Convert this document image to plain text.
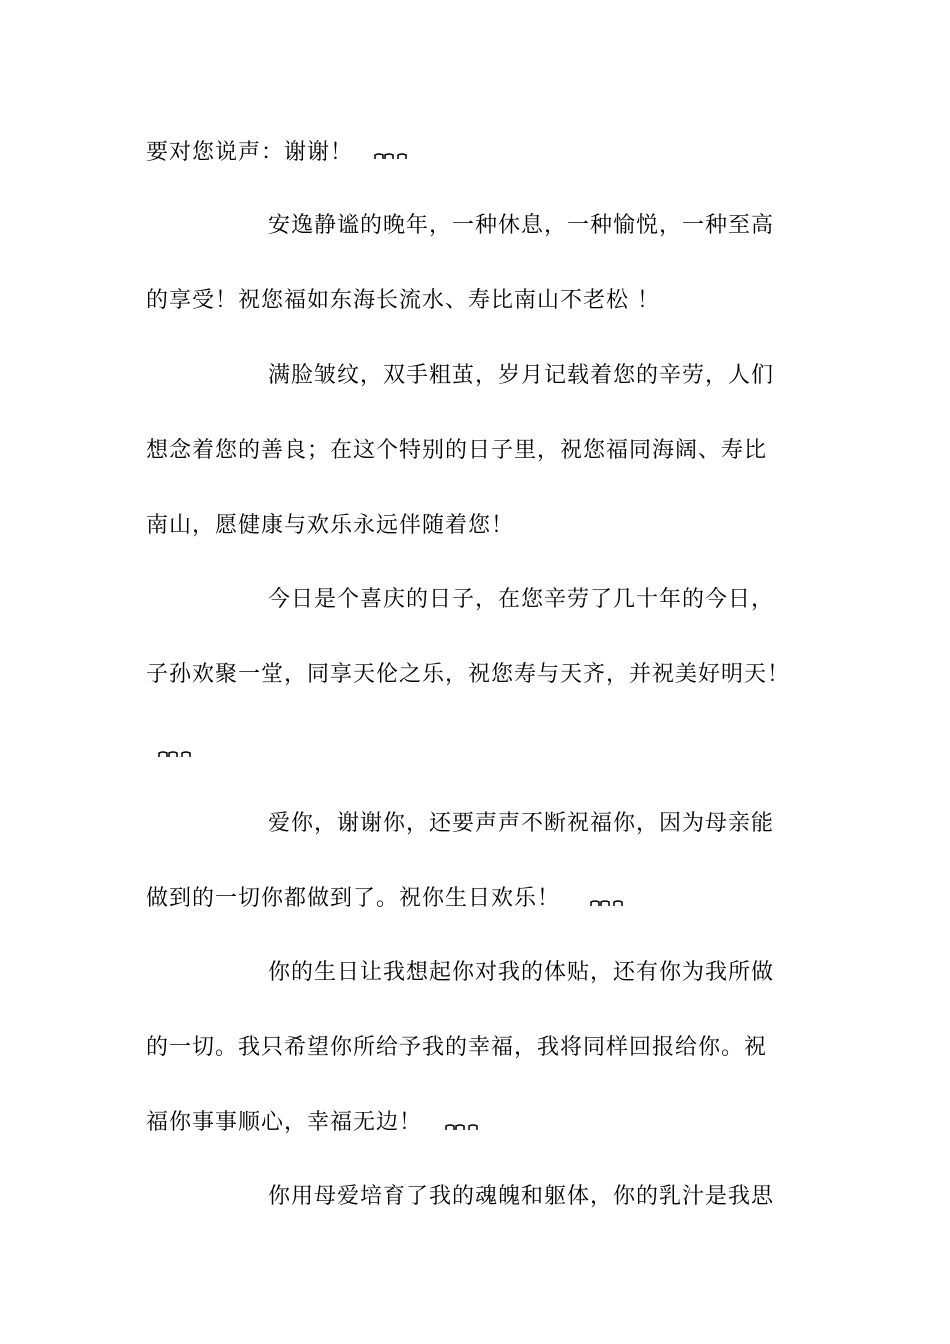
要对您说声：谢谢！
安逸静谧的晚年，一种休息，一种愉悦，一种至高
的享受！祝您福如东海长流水、寿比南山不老松 ！
满脸皱纹，双手粗茧，岁月记载着您的辛劳，人们
想念着您的善良；在这个特别的日子里，祝您福同海阔、寿比
南山，愿健康与欢乐永远伴随着您！
今日是个喜庆的日子，在您辛劳了几十年的今日，
子孙欢聚一堂，同享天伦之乐，祝您寿与天齐，并祝美好明天！
爱你，谢谢你，还要声声不断祝福你，因为母亲能
做到的一切你都做到了。祝你生日欢乐！
你的生日让我想起你对我的体贴，还有你为我所做
的一切。我只希望你所给予我的幸福，我将同样回报给你。祝
福你事事顺心，幸福无边！
你用母爱培育了我的魂魄和躯体，你的乳汁是我思
